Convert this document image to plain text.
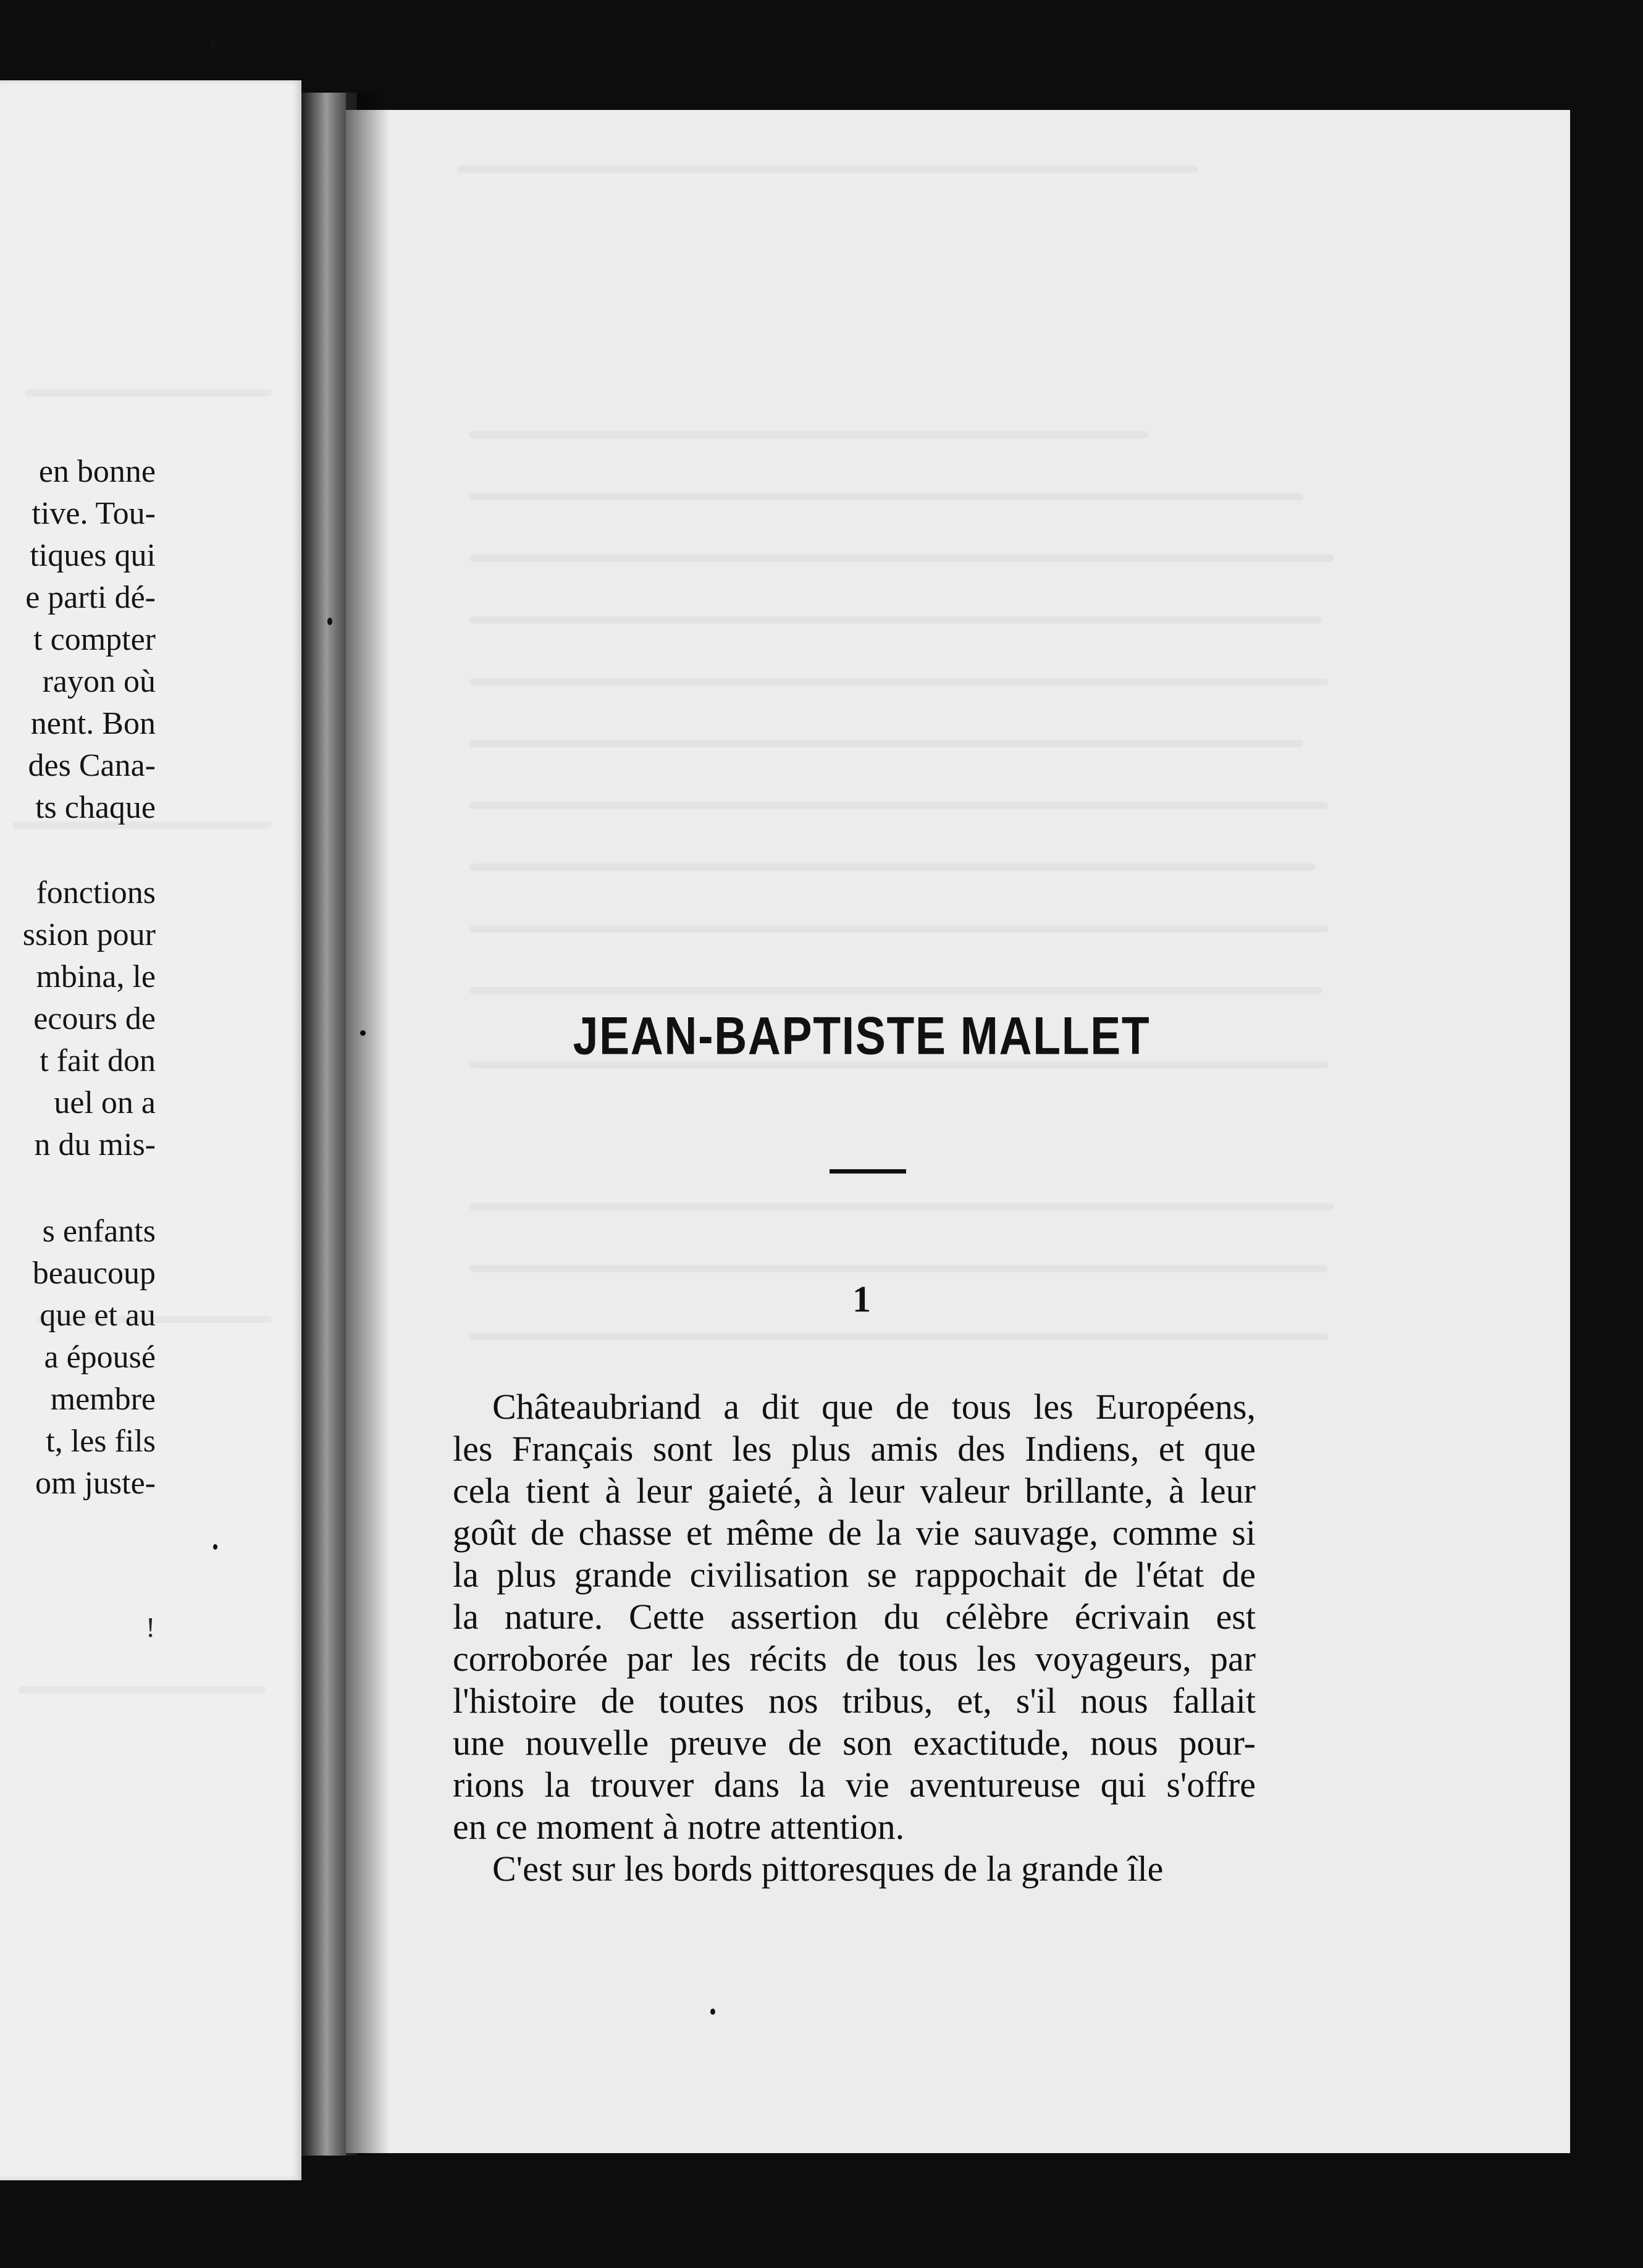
en bonne
tive. Tou-
tiques qui
e parti dé-
t compter
rayon où
nent. Bon
des Cana-
ts chaque
fonctions
ssion pour
mbina, le
ecours de
t fait don
uel on a
n du mis-
s enfants
beaucoup
que et au
a épousé
membre
t, les fils
om juste-
!
JEAN-BAPTISTE MALLET
1
Châteaubriand a dit que de tous les Européens,
les Français sont les plus amis des Indiens, et que
cela tient à leur gaieté, à leur valeur brillante, à leur
goût de chasse et même de la vie sauvage, comme si
la plus grande civilisation se rappochait de l'état de
la nature. Cette assertion du célèbre écrivain est
corroborée par les récits de tous les voyageurs, par
l'histoire de toutes nos tribus, et, s'il nous fallait
une nouvelle preuve de son exactitude, nous pour-
rions la trouver dans la vie aventureuse qui s'offre
en ce moment à notre attention.
C'est sur les bords pittoresques de la grande île
